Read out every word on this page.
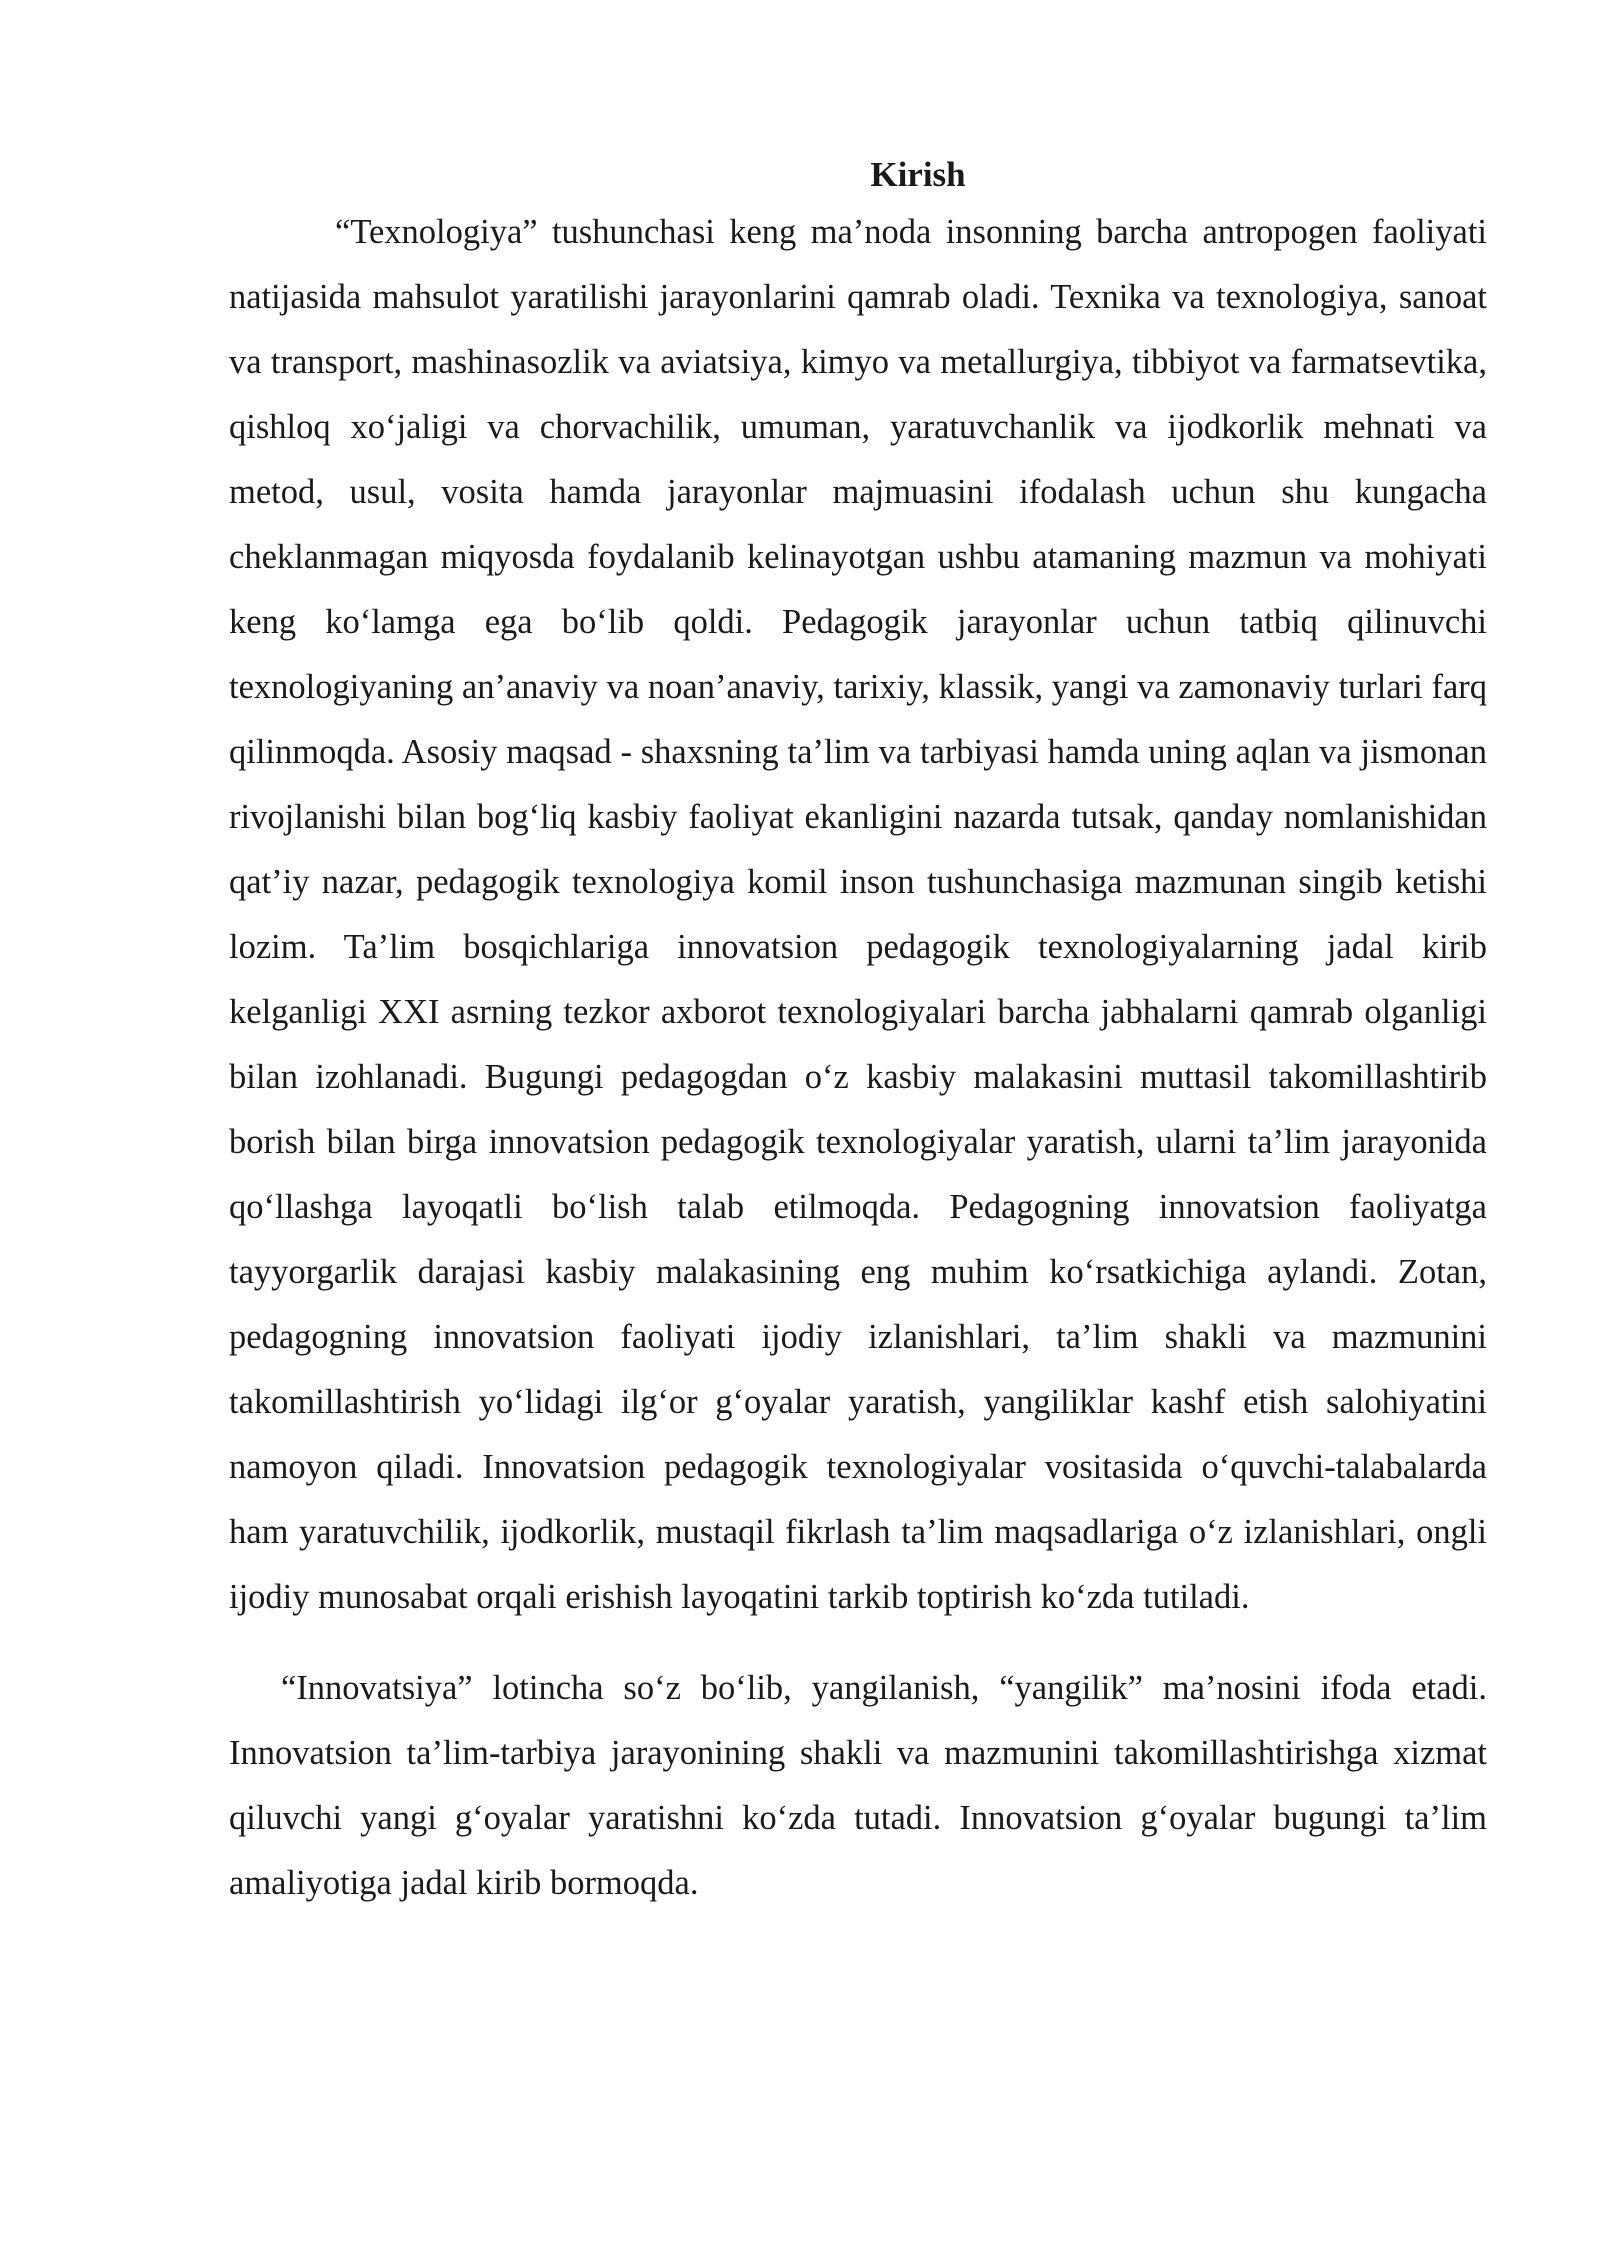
Kirish

“Texnologiya” tushunchasi keng ma’noda insonning barcha antropogen faoliyati natijasida mahsulot yaratilishi jarayonlarini qamrab oladi. Texnika va texnologiya, sanoat va transport, mashinasozlik va aviatsiya, kimyo va metallurgiya, tibbiyot va farmatsevtika, qishloq xo‘jaligi va chorvachilik, umuman, yaratuvchanlik va ijodkorlik mehnati va metod, usul, vosita hamda jarayonlar majmuasini ifodalash uchun shu kungacha cheklanmagan miqyosda foydalanib kelinayotgan ushbu atamaning mazmun va mohiyati keng ko‘lamga ega bo‘lib qoldi. Pedagogik jarayonlar uchun tatbiq qilinuvchi texnologiyaning an’anaviy va noan’anaviy, tarixiy, klassik, yangi va zamonaviy turlari farq qilinmoqda. Asosiy maqsad - shaxsning ta’lim va tarbiyasi hamda uning aqlan va jismonan rivojlanishi bilan bog‘liq kasbiy faoliyat ekanligini nazarda tutsak, qanday nomlanishidan qat’iy nazar, pedagogik texnologiya komil inson tushunchasiga mazmunan singib ketishi lozim. Ta’lim bosqichlariga innovatsion pedagogik texnologiyalarning jadal kirib kelganligi XXI asrning tezkor axborot texnologiyalari barcha jabhalarni qamrab olganligi bilan izohlanadi. Bugungi pedagogdan o‘z kasbiy malakasini muttasil takomillashtirib borish bilan birga innovatsion pedagogik texnologiyalar yaratish, ularni ta’lim jarayonida qo‘llashga layoqatli bo‘lish talab etilmoqda. Pedagogning innovatsion faoliyatga tayyorgarlik darajasi kasbiy malakasining eng muhim ko‘rsatkichiga aylandi. Zotan, pedagogning innovatsion faoliyati ijodiy izlanishlari, ta’lim shakli va mazmunini takomillashtirish yo‘lidagi ilg‘or g‘oyalar yaratish, yangiliklar kashf etish salohiyatini namoyon qiladi. Innovatsion pedagogik texnologiyalar vositasida o‘quvchi-talabalarda ham yaratuvchilik, ijodkorlik, mustaqil fikrlash ta’lim maqsadlariga o‘z izlanishlari, ongli ijodiy munosabat orqali erishish layoqatini tarkib toptirish ko‘zda tutiladi.

“Innovatsiya” lotincha so‘z bo‘lib, yangilanish, “yangilik” ma’nosini ifoda etadi. Innovatsion ta’lim-tarbiya jarayonining shakli va mazmunini takomillashtirishga xizmat qiluvchi yangi g‘oyalar yaratishni ko‘zda tutadi. Innovatsion g‘oyalar bugungi ta’lim amaliyotiga jadal kirib bormoqda.
